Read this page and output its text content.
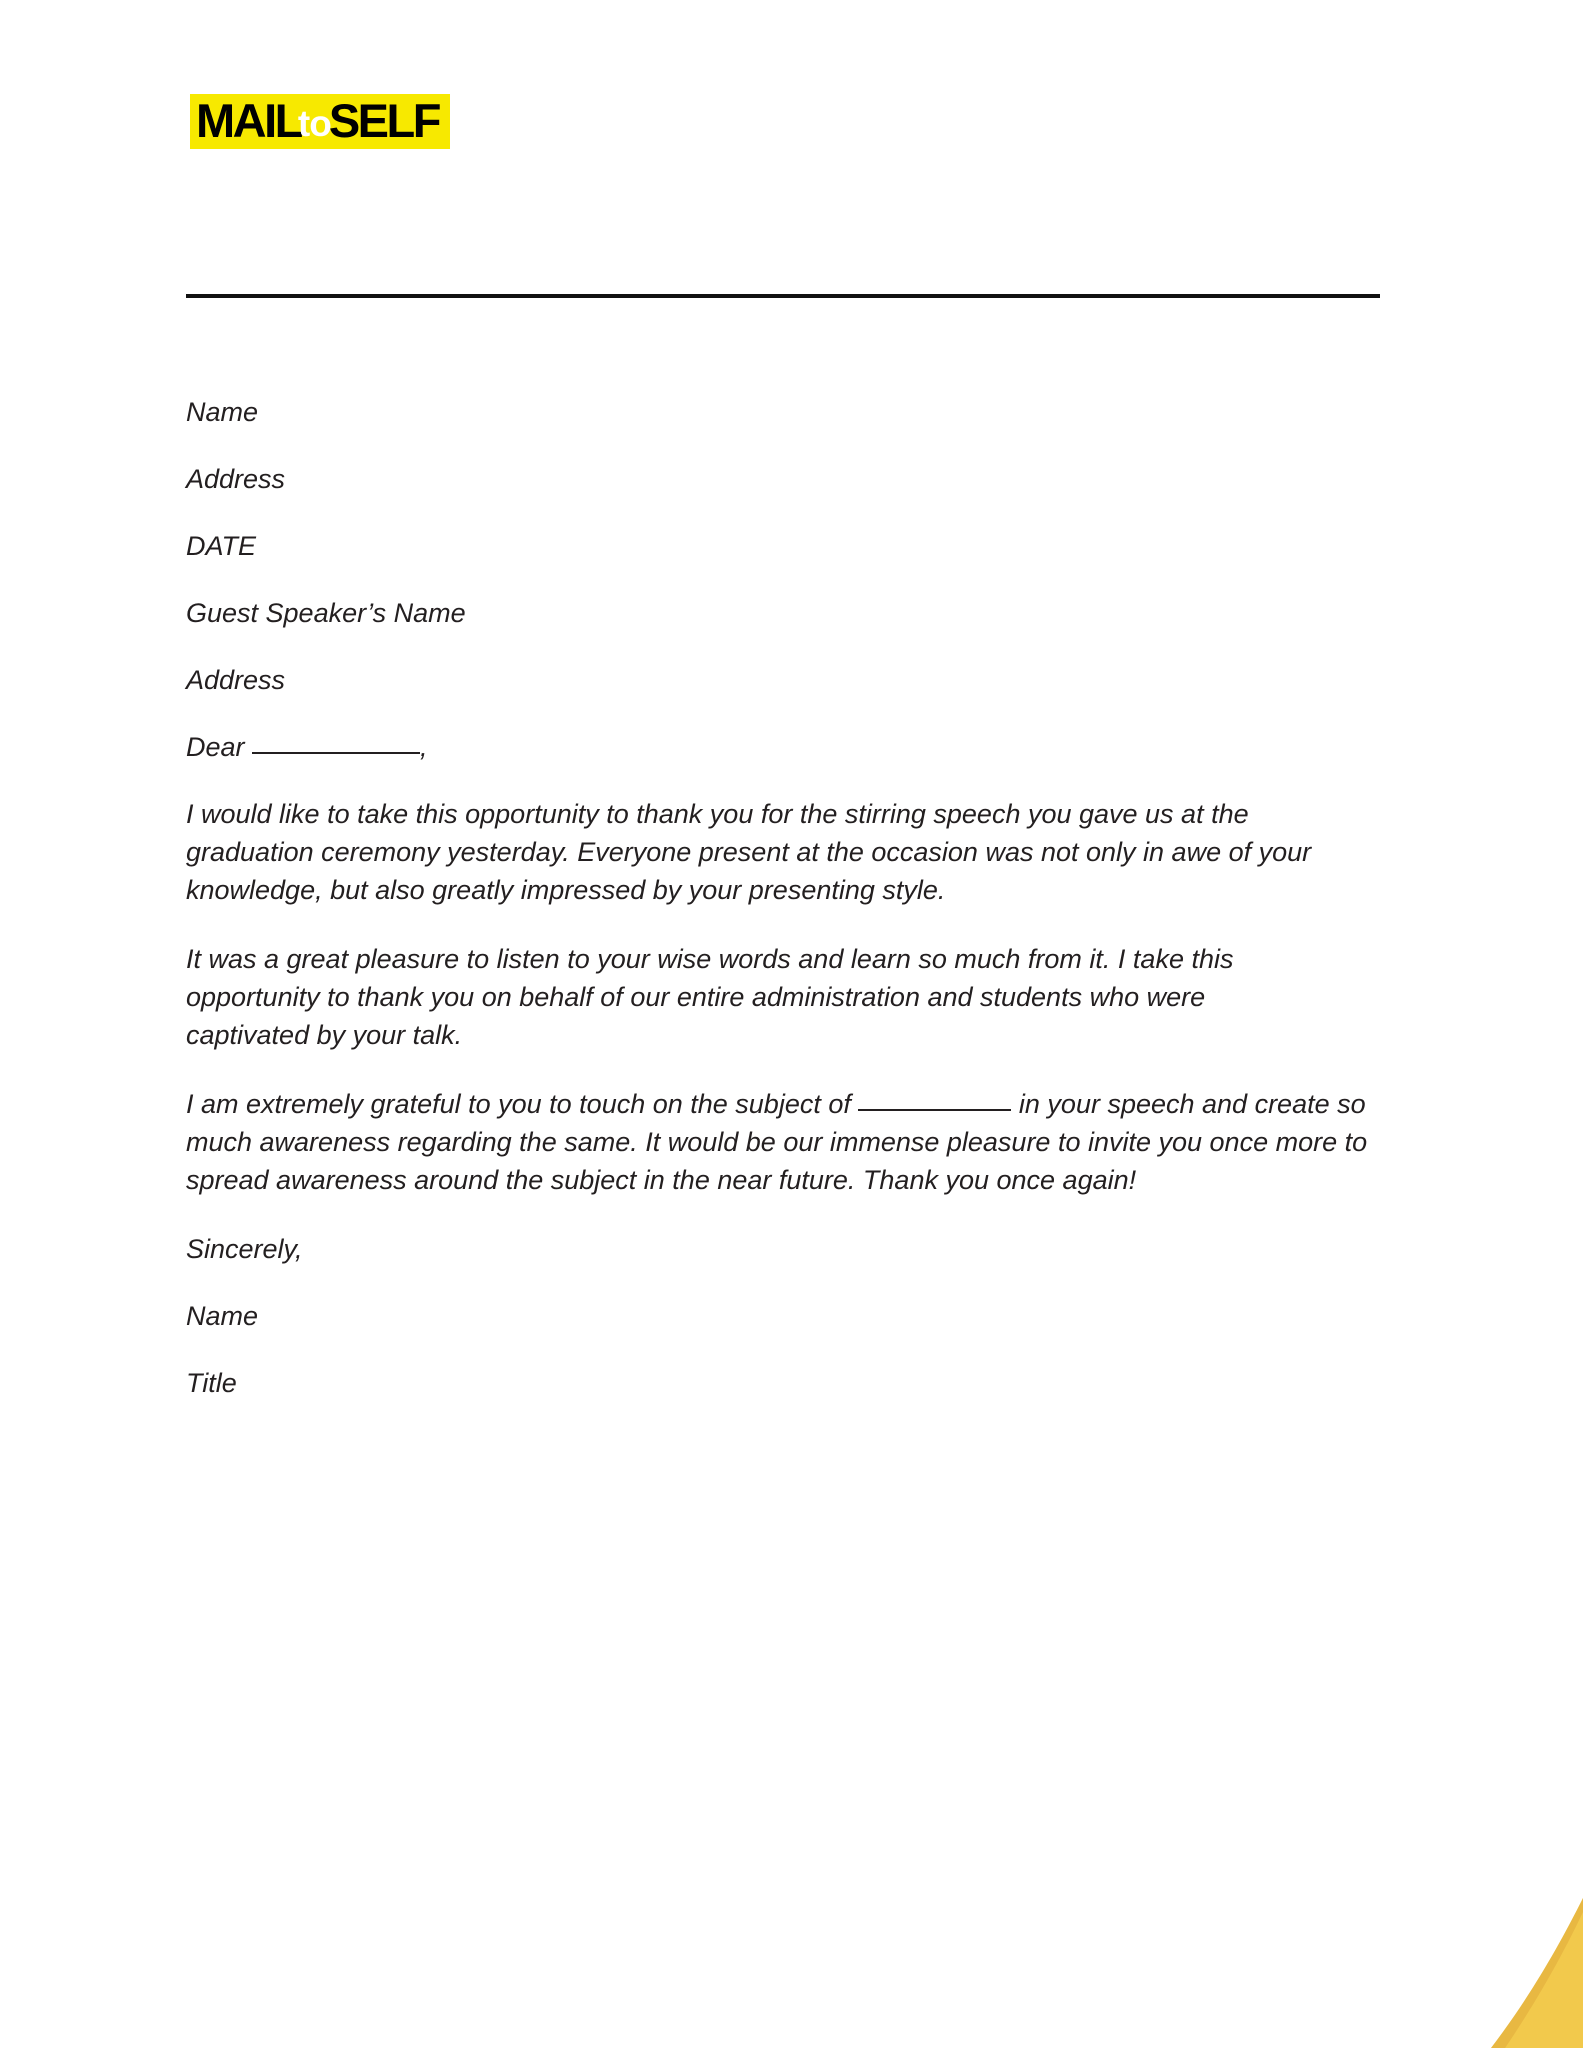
MAILtoSELF

Name

Address

DATE

Guest Speaker’s Name

Address

Dear	,

I would like to take this opportunity to thank you for the stirring speech you gave us at the graduation ceremony yesterday. Everyone present at the occasion was not only in awe of your knowledge, but also greatly impressed by your presenting style.

It was a great pleasure to listen to your wise words and learn so much from it. I take this opportunity to thank you on behalf of our entire administration and students who were captivated by your talk.

I am extremely grateful to you to touch on the subject of	in your speech and create so much awareness regarding the same. It would be our immense pleasure to invite you once more to spread awareness around the subject in the near future. Thank you once again!

Sincerely,

Name

Title
